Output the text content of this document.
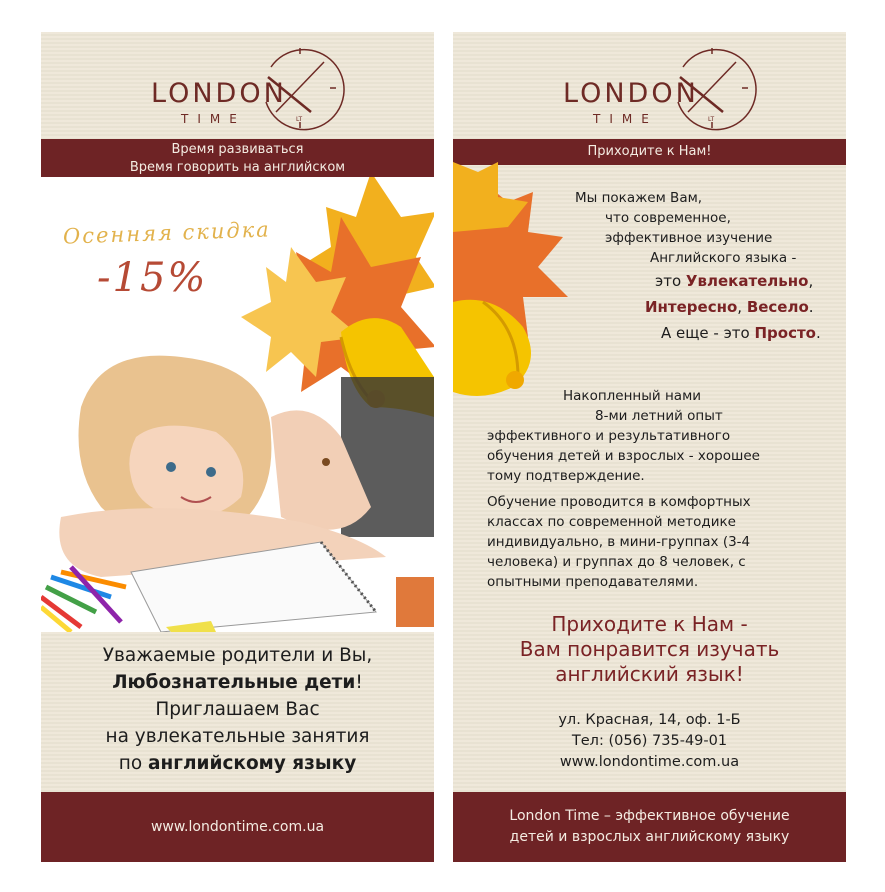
LONDON
TIME	LT
Время развиваться
Время говорить на английском
Осенняя скидка
-15%
Уважаемые родители и Вы,
Любознательные дети!
Приглашаем Вас
на увлекательные занятия
по английскому языку
www.londontime.com.ua
LONDON
TIME	LT
Приходите к Нам!
Мы покажем Вам,
что современное,
эффективное изучение
Английского языка -
это Увлекательно,
Интересно, Весело.
А еще - это Просто.
Накопленный нами
8-ми летний опыт
эффективного и результативного
обучения детей и взрослых - хорошее
тому подтверждение.
Обучение проводится в комфортных
классах по современной методике
индивидуально, в мини-группах (3-4
человека) и группах до 8 человек, с
опытными преподавателями.
Приходите к Нам -
Вам понравится изучать
английский язык!
ул. Красная, 14, оф. 1-Б
Тел: (056) 735-49-01
www.londontime.com.ua
London Time – эффективное обучение
детей и взрослых английскому языку
